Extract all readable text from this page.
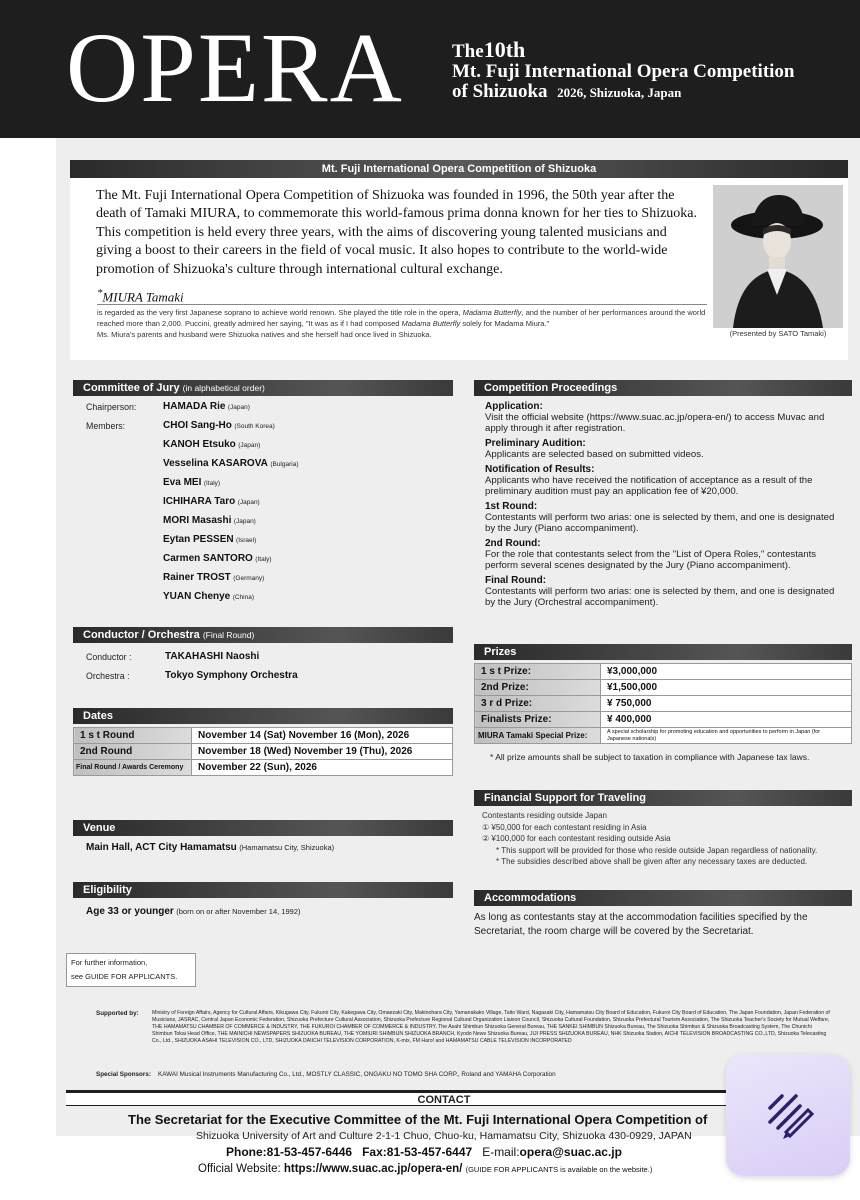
OPERA	The10th
Mt. Fuji International Opera Competition
of Shizuoka 2026, Shizuoka, Japan
Mt. Fuji International Opera Competition of Shizuoka
The Mt. Fuji International Opera Competition of Shizuoka was founded in 1996, the 50th year after the death of Tamaki MIURA, to commemorate this world-famous prima donna known for her ties to Shizuoka. This competition is held every three years, with the aims of discovering young talented musicians and giving a boost to their careers in the field of vocal music. It also hopes to contribute to the world-wide promotion of Shizuoka's culture through international cultural exchange.
*MIURA Tamaki
is regarded as the very first Japanese soprano to achieve world renown. She played the title role in the opera, Madama Butterfly, and the number of her performances around the world reached more than 2,000. Puccini, greatly admired her saying, "It was as if I had composed Madama Butterfly solely for Madama Miura."
Ms. Miura's parents and husband were Shizuoka natives and she herself had once lived in Shizuoka.	(Presented by SATO Tamaki)
Committee of Jury (in alphabetical order)
Chairperson:	HAMADA Rie (Japan)
Members:	CHOI Sang-Ho (South Korea)
KANOH Etsuko (Japan)
Vesselina KASAROVA (Bulgaria)
Eva MEI (Italy)
ICHIHARA Taro (Japan)
MORI Masashi (Japan)
Eytan PESSEN (Israel)
Carmen SANTORO (Italy)
Rainer TROST (Germany)
YUAN Chenye (China)
Conductor / Orchestra (Final Round)
Conductor :	TAKAHASHI Naoshi
Orchestra :	Tokyo Symphony Orchestra
Dates
1 s t Round	November 14 (Sat) November 16 (Mon), 2026
2nd Round	November 18 (Wed) November 19 (Thu), 2026
Final Round / Awards Ceremony	November 22 (Sun), 2026
Venue
Main Hall, ACT City Hamamatsu (Hamamatsu City, Shizuoka)
Eligibility
Age 33 or younger (born on or after November 14, 1992)
For further information,
see GUIDE FOR APPLICANTS.
Competition Proceedings
Application:
Visit the official website (https://www.suac.ac.jp/opera-en/) to access Muvac and apply through it after registration.
Preliminary Audition:
Applicants are selected based on submitted videos.
Notification of Results:
Applicants who have received the notification of acceptance as a result of the preliminary audition must pay an application fee of ¥20,000.
1st Round:
Contestants will perform two arias: one is selected by them, and one is designated by the Jury (Piano accompaniment).
2nd Round:
For the role that contestants select from the "List of Opera Roles," contestants perform several scenes designated by the Jury (Piano accompaniment).
Final Round:
Contestants will perform two arias: one is selected by them, and one is designated by the Jury (Orchestral accompaniment).
Prizes
1 s t Prize:	¥3,000,000
2nd Prize:	¥1,500,000
3 r d Prize:	¥ 750,000
Finalists Prize:	¥ 400,000
MIURA Tamaki Special Prize:	A special scholarship for promoting education and opportunities to perform in Japan (for Japanese nationals)
* All prize amounts shall be subject to taxation in compliance with Japanese tax laws.
Financial Support for Traveling
Contestants residing outside Japan
① ¥50,000 for each contestant residing in Asia
② ¥100,000 for each contestant residing outside Asia
* This support will be provided for those who reside outside Japan regardless of nationality.
* The subsidies described above shall be given after any necessary taxes are deducted.
Accommodations
As long as contestants stay at the accommodation facilities specified by the Secretariat, the room charge will be covered by the Secretariat.
Supported by:	Ministry of Foreign Affairs, Agency for Cultural Affairs, Kikugawa City, Fukuroi City, Kakegawa City, Omaezaki City, Makinohara City, Yamanakako Village, Taito Ward, Nagasaki City, Hamamatsu City Board of Education, Fukuroi City Board of Education, The Japan Foundation, Japan Federation of Musicians, JASRAC, Central Japan Economic Federation, Shizuoka Prefecture Cultural Association, Shizuoka Prefecture Regional Cultural Organization Liaison Council, Shizuoka Cultural Foundation, Shizuoka Prefectural Tourism Association, The Shizuoka Teacher's Society for Mutual Welfare, THE HAMAMATSU CHAMBER OF COMMERCE & INDUSTRY, THE FUKUROI CHAMBER OF COMMERCE & INDUSTRY, The Asahi Shimbun Shizuoka General Bureau, THE SANKEI SHIMBUN Shizuoka Bureau, The Shizuoka Shimbun & Shizuoka Broadcasting System, The Chunichi Shimbun Tokai Head Office, THE MAINICHI NEWSPAPERS SHIZUOKA BUREAU, THE YOMIURI SHIMBUN SHIZUOKA BRANCH, Kyodo News Shizuoka Bureau, JIJI PRESS SHIZUOKA BUREAU, NHK Shizuoka Station, AICHI TELEVISION BROADCASTING CO.,LTD, Shizuoka Telecasting Co., Ltd., SHIZUOKA ASAHI TELEVISION CO., LTD, SHIZUOKA DAIICHI TELEVISION CORPORATION, K-mix, FM Haro! and HAMAMATSU CABLE TELEVISION INCORPORATED
Special Sponsors: KAWAI Musical Instruments Manufacturing Co., Ltd., MOSTLY CLASSIC, ONGAKU NO TOMO SHA CORP., Roland and YAMAHA Corporation
CONTACT
The Secretariat for the Executive Committee of the Mt. Fuji International Opera Competition of
Shizuoka University of Art and Culture 2-1-1 Chuo, Chuo-ku, Hamamatsu City, Shizuoka 430-0929, JAPAN
Phone:81-53-457-6446 Fax:81-53-457-6447 E-mail:opera@suac.ac.jp
Official Website: https://www.suac.ac.jp/opera-en/ (GUIDE FOR APPLICANTS is available on the website.)
